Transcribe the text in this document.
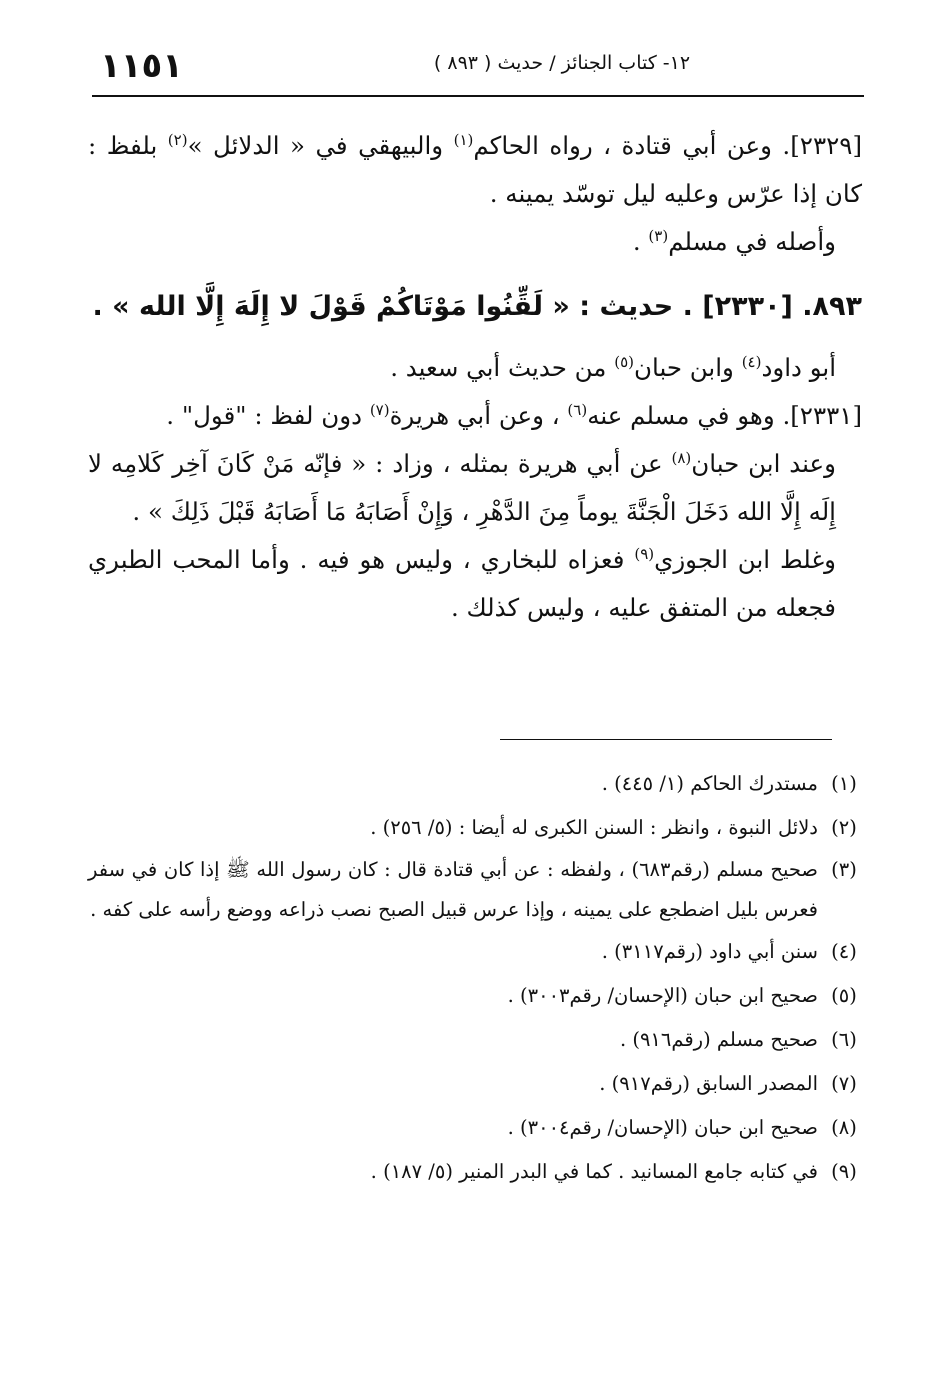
١١٥١	١٢- كتاب الجنائز / حديث ( ٨٩٣ )

[٢٣٢٩]. وعن أبي قتادة ، رواه الحاكم$^{(١)}$ والبيهقي في « الدلائل »$^{(٢)}$ بلفظ : كان إذا عرّس وعليه ليل توسّد يمينه .

وأصله في مسلم$^{(٣)}$ .

٨٩٣. [٢٣٣٠] . حديث : « لَقِّنُوا مَوْتَاكُمْ قَوْلَ لا إِلَهَ إِلَّا الله » .

أبو داود$^{(٤)}$ وابن حبان$^{(٥)}$ من حديث أبي سعيد .

[٢٣٣١]. وهو في مسلم عنه$^{(٦)}$ ، وعن أبي هريرة$^{(٧)}$ دون لفظ : "قول" .

وعند ابن حبان$^{(٨)}$ عن أبي هريرة بمثله ، وزاد : « فإنّه مَنْ كَانَ آخِر كَلامِه لا إِلَه إِلَّا الله دَخَلَ الْجَنَّةَ يوماً مِنَ الدَّهْرِ ، وَإِنْ أَصَابَهُ مَا أَصَابَهُ قَبْلَ ذَلِكَ » .

وغلط ابن الجوزي$^{(٩)}$ فعزاه للبخاري ، وليس هو فيه . وأما المحب الطبري فجعله من المتفق عليه ، وليس كذلك .

(١)
مستدرك الحاكم (١/ ٤٤٥) .
(٢)
دلائل النبوة ، وانظر : السنن الكبرى له أيضا : (٥/ ٢٥٦) .
(٣)
صحيح مسلم (رقم٦٨٣) ، ولفظه : عن أبي قتادة قال : كان رسول الله ﷺ إذا كان في سفر فعرس بليل اضطجع على يمينه ، وإذا عرس قبيل الصبح نصب ذراعه ووضع رأسه على كفه .
(٤)
سنن أبي داود (رقم٣١١٧) .
(٥)
صحيح ابن حبان (الإحسان/ رقم٣٠٠٣) .
(٦)
صحيح مسلم (رقم٩١٦) .
(٧)
المصدر السابق (رقم٩١٧) .
(٨)
صحيح ابن حبان (الإحسان/ رقم٣٠٠٤) .
(٩)
في كتابه جامع المسانيد . كما في البدر المنير (٥/ ١٨٧) .
